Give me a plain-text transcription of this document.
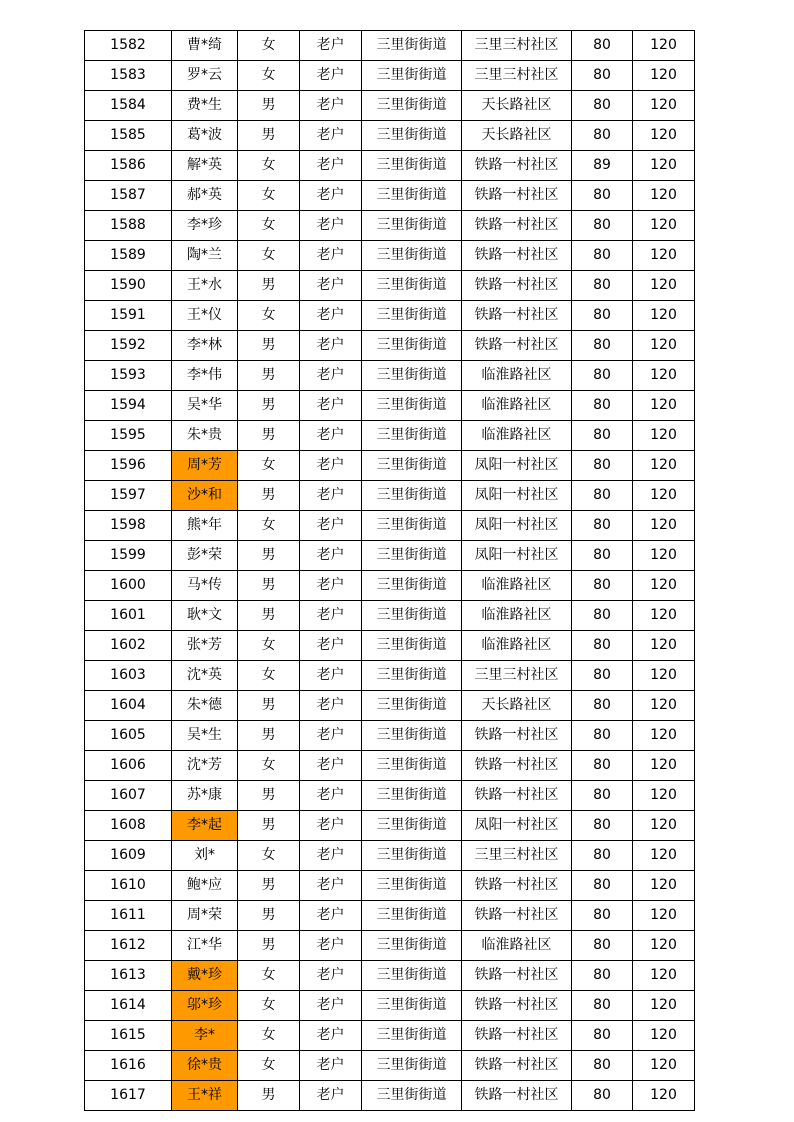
1582	曹*绮	女	老户	三里街街道	三里三村社区	80	120
1583	罗*云	女	老户	三里街街道	三里三村社区	80	120
1584	费*生	男	老户	三里街街道	天长路社区	80	120
1585	葛*波	男	老户	三里街街道	天长路社区	80	120
1586	解*英	女	老户	三里街街道	铁路一村社区	89	120
1587	郝*英	女	老户	三里街街道	铁路一村社区	80	120
1588	李*珍	女	老户	三里街街道	铁路一村社区	80	120
1589	陶*兰	女	老户	三里街街道	铁路一村社区	80	120
1590	王*水	男	老户	三里街街道	铁路一村社区	80	120
1591	王*仪	女	老户	三里街街道	铁路一村社区	80	120
1592	李*林	男	老户	三里街街道	铁路一村社区	80	120
1593	李*伟	男	老户	三里街街道	临淮路社区	80	120
1594	吴*华	男	老户	三里街街道	临淮路社区	80	120
1595	朱*贵	男	老户	三里街街道	临淮路社区	80	120
1596	周*芳	女	老户	三里街街道	凤阳一村社区	80	120
1597	沙*和	男	老户	三里街街道	凤阳一村社区	80	120
1598	熊*年	女	老户	三里街街道	凤阳一村社区	80	120
1599	彭*荣	男	老户	三里街街道	凤阳一村社区	80	120
1600	马*传	男	老户	三里街街道	临淮路社区	80	120
1601	耿*文	男	老户	三里街街道	临淮路社区	80	120
1602	张*芳	女	老户	三里街街道	临淮路社区	80	120
1603	沈*英	女	老户	三里街街道	三里三村社区	80	120
1604	朱*德	男	老户	三里街街道	天长路社区	80	120
1605	吴*生	男	老户	三里街街道	铁路一村社区	80	120
1606	沈*芳	女	老户	三里街街道	铁路一村社区	80	120
1607	苏*康	男	老户	三里街街道	铁路一村社区	80	120
1608	李*起	男	老户	三里街街道	凤阳一村社区	80	120
1609	刘*	女	老户	三里街街道	三里三村社区	80	120
1610	鲍*应	男	老户	三里街街道	铁路一村社区	80	120
1611	周*荣	男	老户	三里街街道	铁路一村社区	80	120
1612	江*华	男	老户	三里街街道	临淮路社区	80	120
1613	戴*珍	女	老户	三里街街道	铁路一村社区	80	120
1614	邬*珍	女	老户	三里街街道	铁路一村社区	80	120
1615	李*	女	老户	三里街街道	铁路一村社区	80	120
1616	徐*贵	女	老户	三里街街道	铁路一村社区	80	120
1617	王*祥	男	老户	三里街街道	铁路一村社区	80	120
